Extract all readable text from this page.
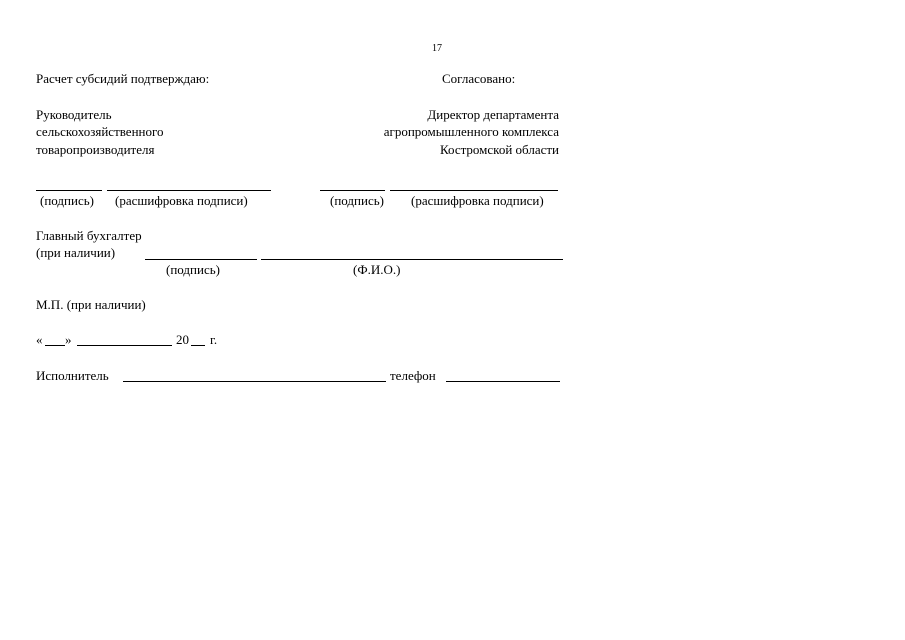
17
Расчет субсидий подтверждаю:	Согласовано:
Руководитель
сельскохозяйственного
товаропроизводителя
Директор департамента
агропромышленного комплекса
Костромской области
(подпись) (расшифровка подписи)	(подпись) (расшифровка подписи)
Главный бухгалтер
(при наличии)
(подпись)	(Ф.И.О.)
М.П. (при наличии)
« »	20 г.
Исполнитель	телефон
